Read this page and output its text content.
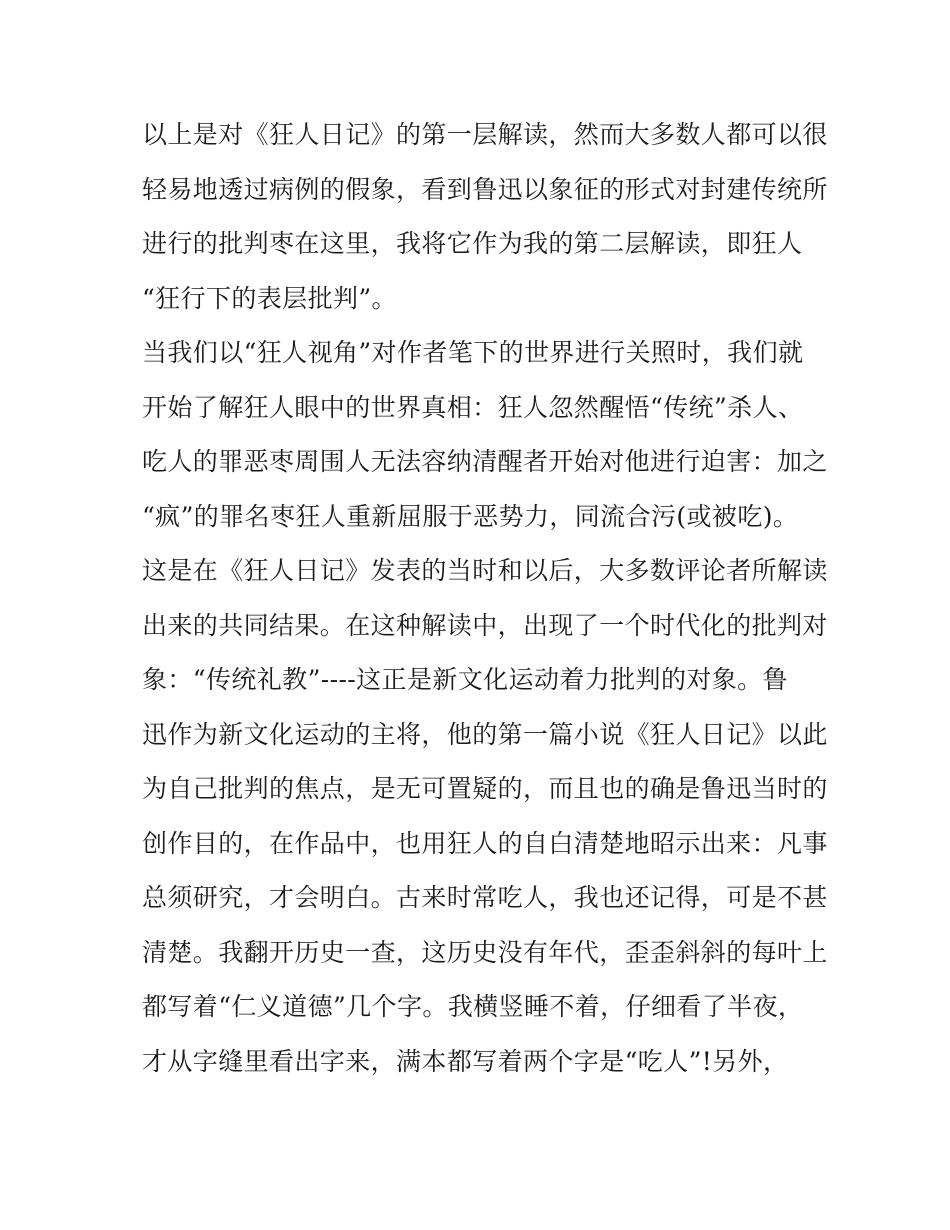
以上是对《狂人日记》的第一层解读，然而大多数人都可以很
轻易地透过病例的假象，看到鲁迅以象征的形式对封建传统所
进行的批判枣在这里，我将它作为我的第二层解读，即狂人
“狂行下的表层批判”。
当我们以“狂人视角”对作者笔下的世界进行关照时，我们就
开始了解狂人眼中的世界真相：狂人忽然醒悟“传统”杀人、
吃人的罪恶枣周围人无法容纳清醒者开始对他进行迫害：加之
“疯”的罪名枣狂人重新屈服于恶势力，同流合污(或被吃)。
这是在《狂人日记》发表的当时和以后，大多数评论者所解读
出来的共同结果。在这种解读中，出现了一个时代化的批判对
象：“传统礼教”----这正是新文化运动着力批判的对象。鲁
迅作为新文化运动的主将，他的第一篇小说《狂人日记》以此
为自己批判的焦点，是无可置疑的，而且也的确是鲁迅当时的
创作目的，在作品中，也用狂人的自白清楚地昭示出来：凡事
总须研究，才会明白。古来时常吃人，我也还记得，可是不甚
清楚。我翻开历史一查，这历史没有年代，歪歪斜斜的每叶上
都写着“仁义道德”几个字。我横竖睡不着，仔细看了半夜，
才从字缝里看出字来，满本都写着两个字是“吃人”!另外，
